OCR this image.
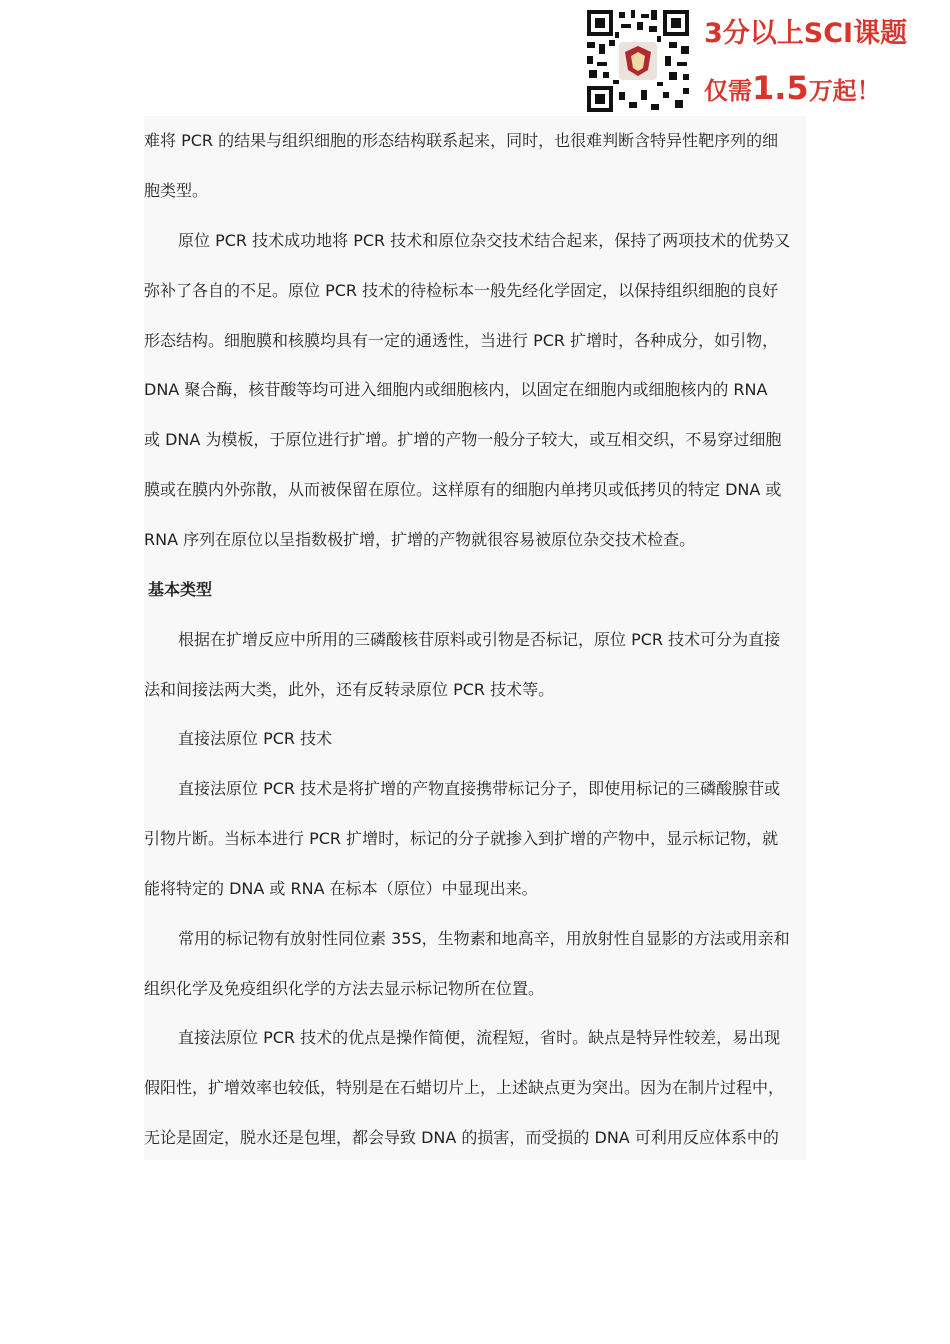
3分以上SCI课题
仅需1.5万起！
难将 PCR 的结果与组织细胞的形态结构联系起来，同时，也很难判断含特异性靶序列的细
胞类型。
原位 PCR 技术成功地将 PCR 技术和原位杂交技术结合起来，保持了两项技术的优势又
弥补了各自的不足。原位 PCR 技术的待检标本一般先经化学固定，以保持组织细胞的良好
形态结构。细胞膜和核膜均具有一定的通透性，当进行 PCR 扩增时，各种成分，如引物，
DNA 聚合酶，核苷酸等均可进入细胞内或细胞核内，以固定在细胞内或细胞核内的 RNA
或 DNA 为模板，于原位进行扩增。扩增的产物一般分子较大，或互相交织，不易穿过细胞
膜或在膜内外弥散，从而被保留在原位。这样原有的细胞内单拷贝或低拷贝的特定 DNA 或
RNA 序列在原位以呈指数极扩增，扩增的产物就很容易被原位杂交技术检查。
基本类型
根据在扩增反应中所用的三磷酸核苷原料或引物是否标记，原位 PCR 技术可分为直接
法和间接法两大类，此外，还有反转录原位 PCR 技术等。
直接法原位 PCR 技术
直接法原位 PCR 技术是将扩增的产物直接携带标记分子，即使用标记的三磷酸腺苷或
引物片断。当标本进行 PCR 扩增时，标记的分子就掺入到扩增的产物中，显示标记物，就
能将特定的 DNA 或 RNA 在标本（原位）中显现出来。
常用的标记物有放射性同位素 35S，生物素和地高辛，用放射性自显影的方法或用亲和
组织化学及免疫组织化学的方法去显示标记物所在位置。
直接法原位 PCR 技术的优点是操作简便，流程短，省时。缺点是特异性较差，易出现
假阳性，扩增效率也较低，特别是在石蜡切片上，上述缺点更为突出。因为在制片过程中，
无论是固定，脱水还是包埋，都会导致 DNA 的损害，而受损的 DNA 可利用反应体系中的
